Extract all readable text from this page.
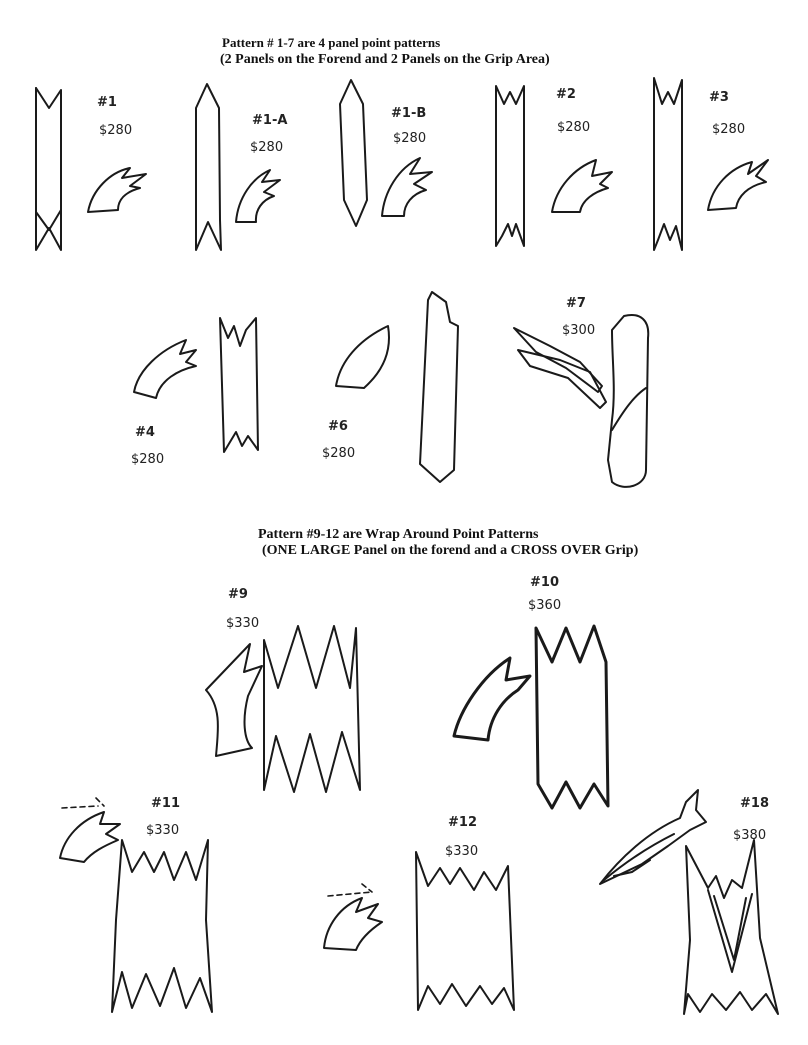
Pattern # 1-7 are 4 panel point patterns
(2 Panels on the Forend and 2 Panels on the Grip Area)
Pattern #9-12 are Wrap Around Point Patterns
(ONE LARGE Panel on the forend and a CROSS OVER Grip)
#1
$280
#1-A
$280
#1-B
$280
#2
$280
#3
$280
#4
$280
#6
$280
#7
$300
#9
$330
#10
$360
#11
$330
#12
$330
#18
$380
